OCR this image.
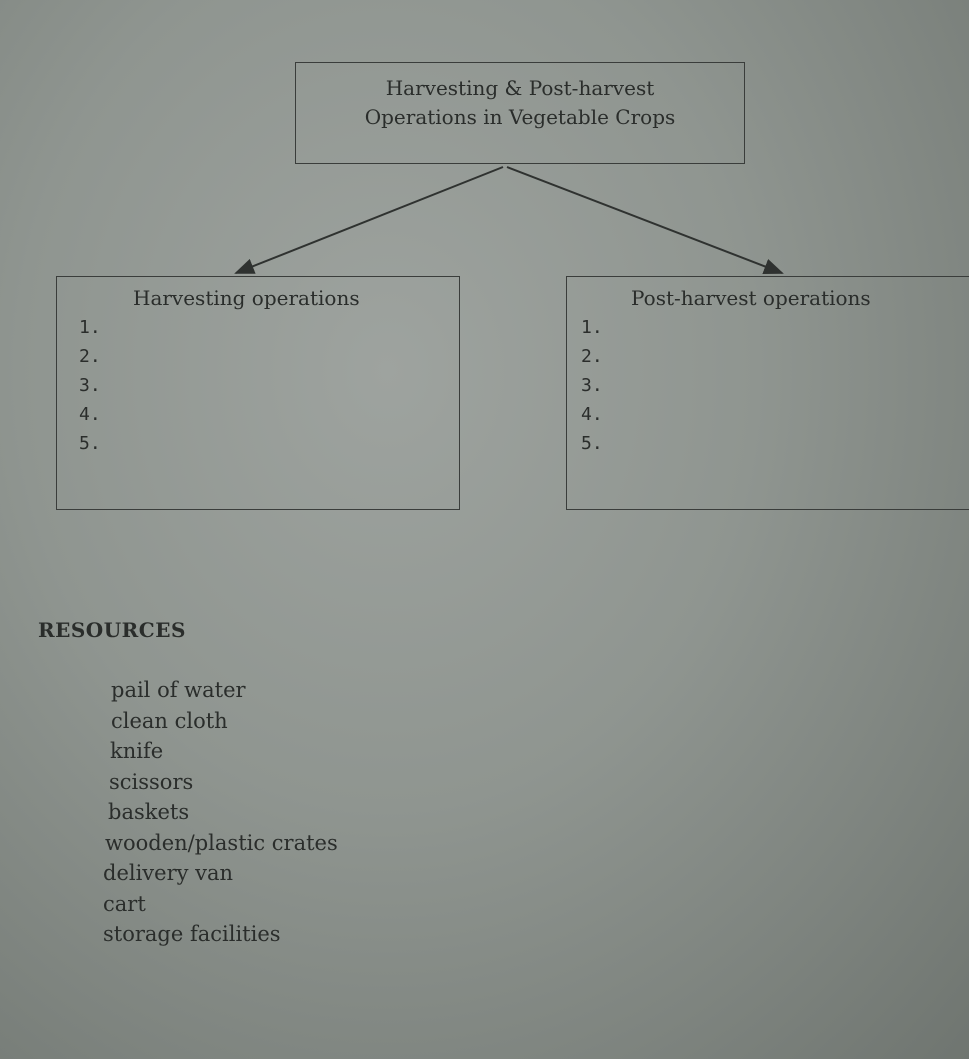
Harvesting & Post-harvest
Operations in Vegetable Crops
Harvesting operations
1.
2.
3.
4.
5.
Post-harvest operations
1.
2.
3.
4.
5.
RESOURCES
pail of water
clean cloth
knife
scissors
baskets
wooden/plastic crates
delivery van
cart
storage facilities
